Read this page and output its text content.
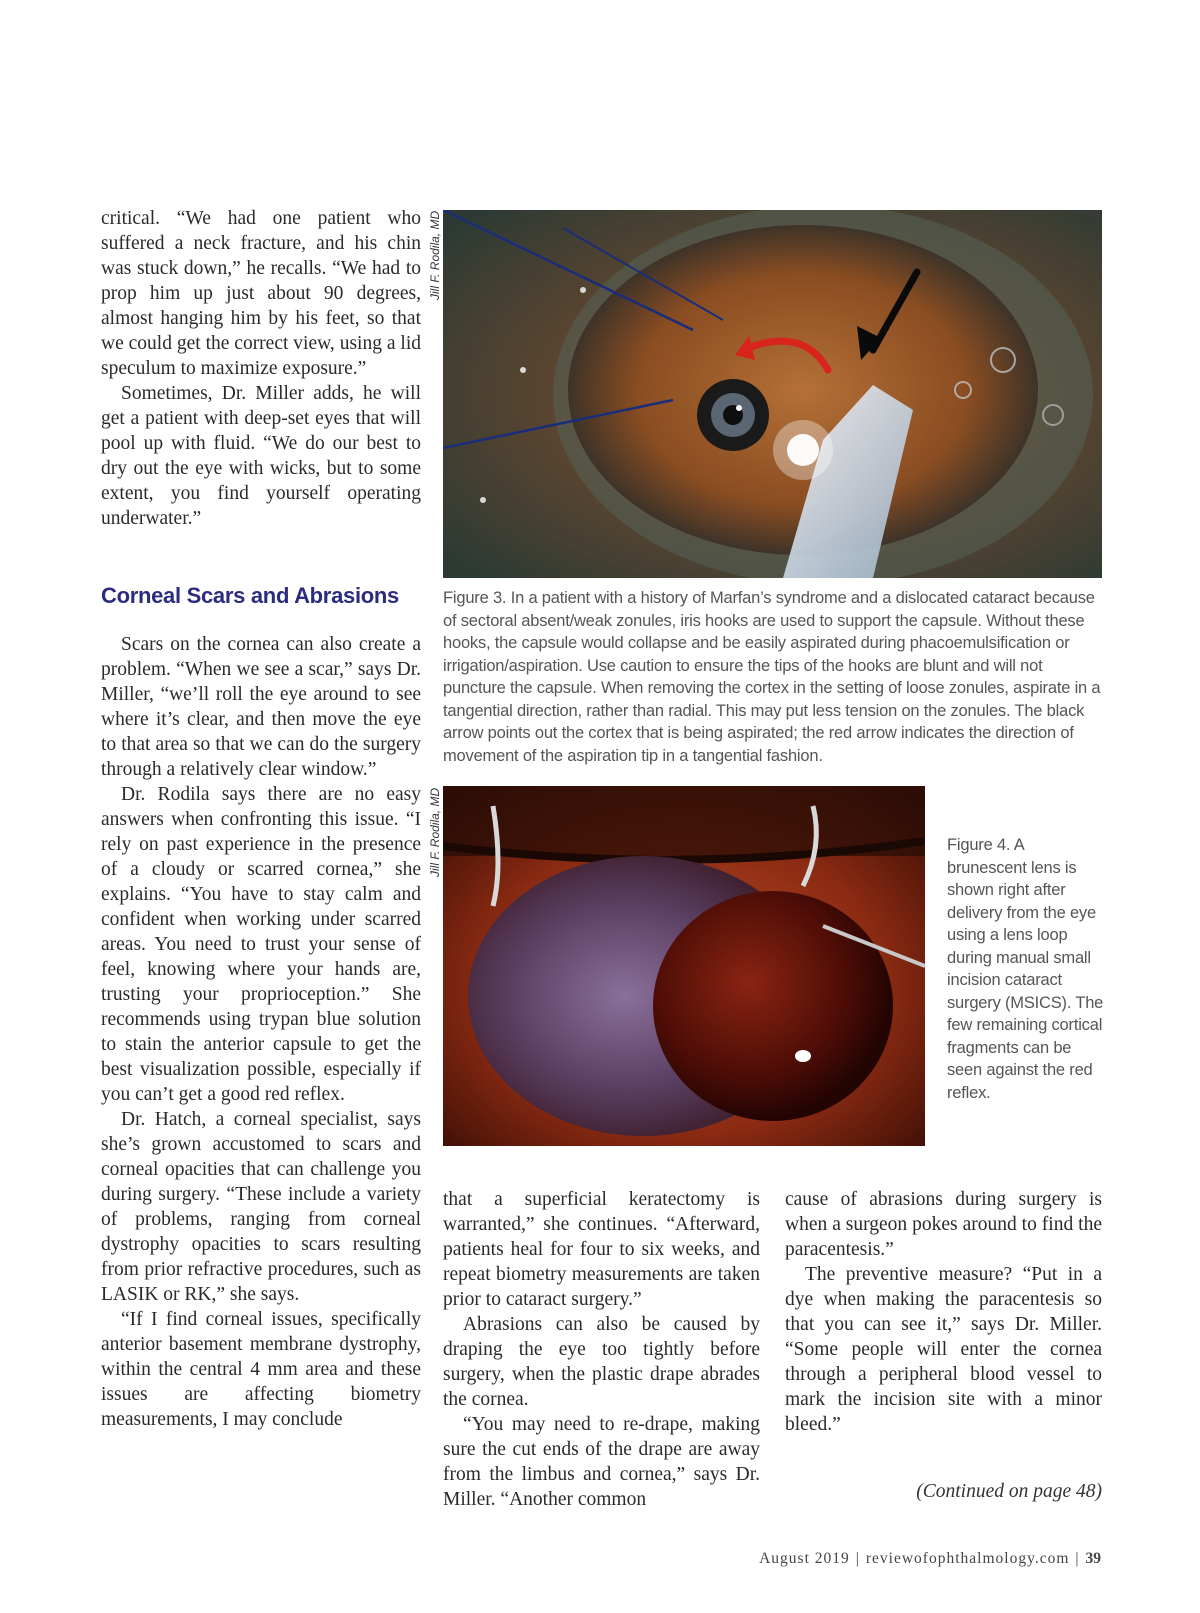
critical. “We had one patient who suffered a neck fracture, and his chin was stuck down,” he recalls. “We had to prop him up just about 90 degrees, almost hanging him by his feet, so that we could get the correct view, using a lid speculum to maximize exposure.”

Sometimes, Dr. Miller adds, he will get a patient with deep-set eyes that will pool up with fluid. “We do our best to dry out the eye with wicks, but to some extent, you find yourself operating underwater.”

Corneal Scars and Abrasions

Scars on the cornea can also create a problem. “When we see a scar,” says Dr. Miller, “we’ll roll the eye around to see where it’s clear, and then move the eye to that area so that we can do the surgery through a relatively clear window.”

Dr. Rodila says there are no easy answers when confronting this issue. “I rely on past experience in the presence of a cloudy or scarred cornea,” she explains. “You have to stay calm and confident when working under scarred areas. You need to trust your sense of feel, knowing where your hands are, trusting your proprioception.” She recommends using trypan blue solution to stain the anterior capsule to get the best visualization possible, especially if you can’t get a good red reflex.

Dr. Hatch, a corneal specialist, says she’s grown accustomed to scars and corneal opacities that can challenge you during surgery. “These include a variety of problems, ranging from corneal dystrophy opacities to scars resulting from prior refractive procedures, such as LASIK or RK,” she says.

“If I find corneal issues, specifically anterior basement membrane dystrophy, within the central 4 mm area and these issues are affecting biometry measurements, I may conclude

Jill F. Rodila, MD
Figure 3. In a patient with a history of Marfan’s syndrome and a dislocated cataract because of sectoral absent/weak zonules, iris hooks are used to support the capsule. Without these hooks, the capsule would collapse and be easily aspirated during phacoemulsification or irrigation/aspiration. Use caution to ensure the tips of the hooks are blunt and will not puncture the capsule. When removing the cortex in the setting of loose zonules, aspirate in a tangential direction, rather than radial. This may put less tension on the zonules. The black arrow points out the cortex that is being aspirated; the red arrow indicates the direction of movement of the aspiration tip in a tangential fashion.
Jill F. Rodila, MD	Figure 4. A brunescent lens is shown right after delivery from the eye using a lens loop during manual small incision cataract surgery (MSICS). The few remaining cortical fragments can be seen against the red reflex.

that a superficial keratectomy is warranted,” she continues. “Afterward, patients heal for four to six weeks, and repeat biometry measurements are taken prior to cataract surgery.”

Abrasions can also be caused by draping the eye too tightly before surgery, when the plastic drape abrades the cornea.

“You may need to re-drape, making sure the cut ends of the drape are away from the limbus and cornea,” says Dr. Miller. “Another common

cause of abrasions during surgery is when a surgeon pokes around to find the paracentesis.”

The preventive measure? “Put in a dye when making the paracentesis so that you can see it,” says Dr. Miller. “Some people will enter the cornea through a peripheral blood vessel to mark the incision site with a minor bleed.”

(Continued on page 48)
August 2019 | reviewofophthalmology.com | 39
